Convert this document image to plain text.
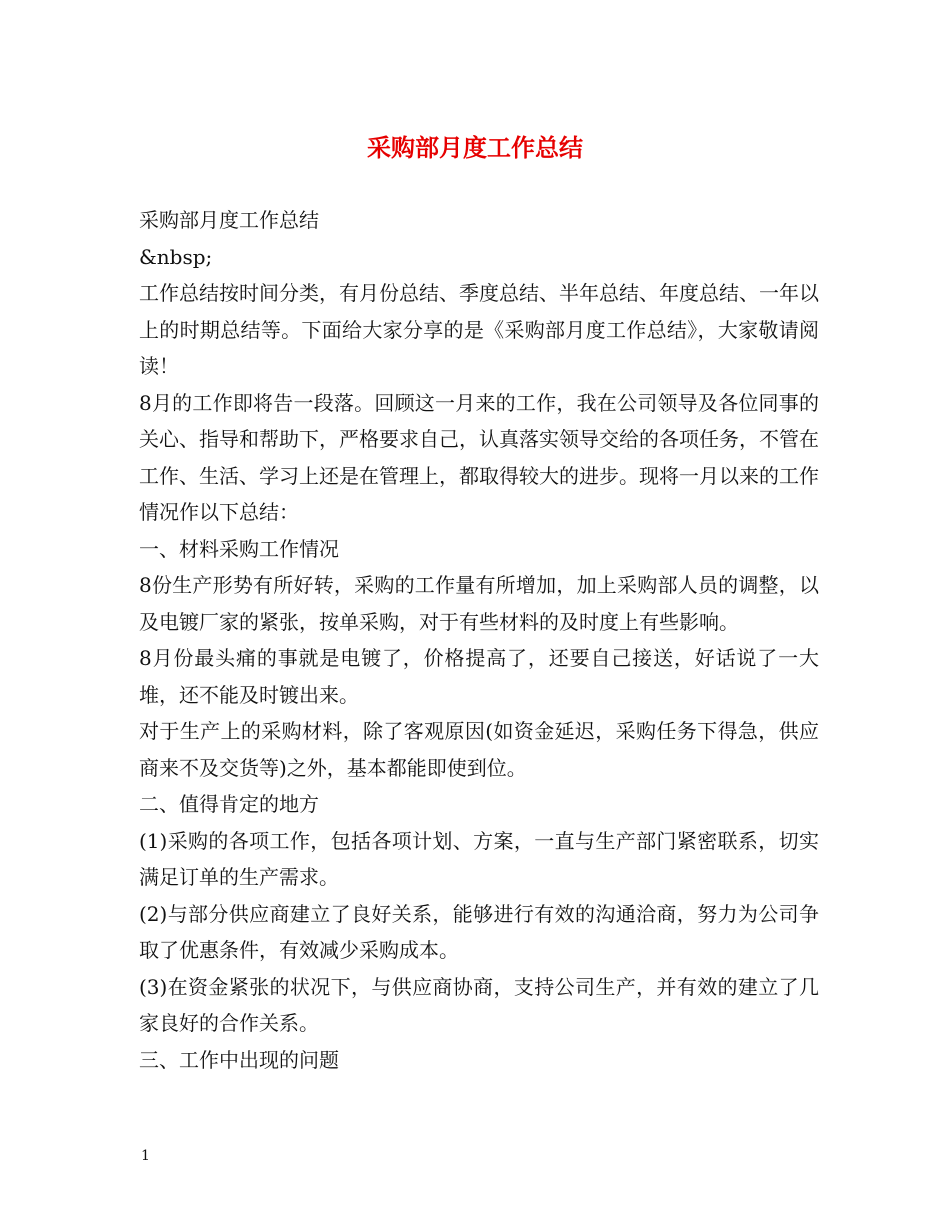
采购部月度工作总结

采购部月度工作总结

&nbsp;

工作总结按时间分类，有月份总结、季度总结、半年总结、年度总结、一年以上的时期总结等。下面给大家分享的是《采购部月度工作总结》，大家敬请阅读！

8月的工作即将告一段落。回顾这一月来的工作，我在公司领导及各位同事的关心、指导和帮助下，严格要求自己，认真落实领导交给的各项任务，不管在工作、生活、学习上还是在管理上，都取得较大的进步。现将一月以来的工作情况作以下总结：

一、材料采购工作情况

8份生产形势有所好转，采购的工作量有所增加，加上采购部人员的调整，以及电镀厂家的紧张，按单采购，对于有些材料的及时度上有些影响。

8月份最头痛的事就是电镀了，价格提高了，还要自己接送，好话说了一大堆，还不能及时镀出来。

对于生产上的采购材料，除了客观原因(如资金延迟，采购任务下得急，供应商来不及交货等)之外，基本都能即使到位。

二、值得肯定的地方

(1)采购的各项工作，包括各项计划、方案，一直与生产部门紧密联系，切实满足订单的生产需求。

(2)与部分供应商建立了良好关系，能够进行有效的沟通洽商，努力为公司争取了优惠条件，有效减少采购成本。

(3)在资金紧张的状况下，与供应商协商，支持公司生产，并有效的建立了几家良好的合作关系。

三、工作中出现的问题

1
